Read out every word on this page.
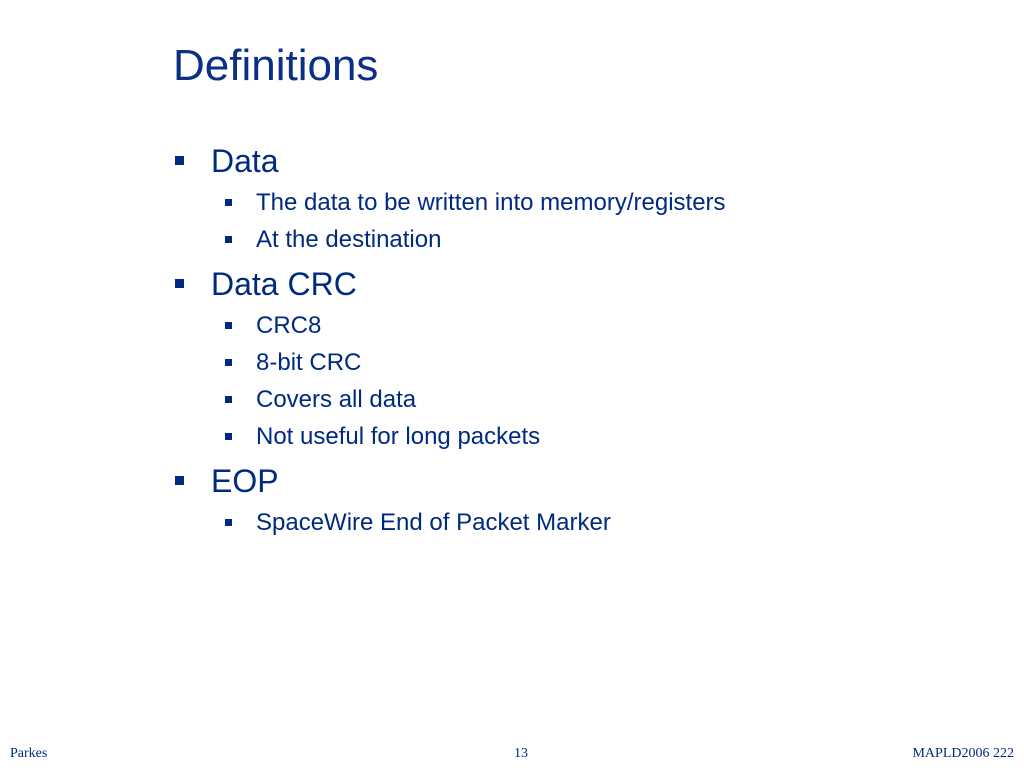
Definitions
Data
The data to be written into memory/registers
At the destination
Data CRC
CRC8
8-bit CRC
Covers all data
Not useful for long packets
EOP
SpaceWire End of Packet Marker
Parkes	13	MAPLD2006 222
